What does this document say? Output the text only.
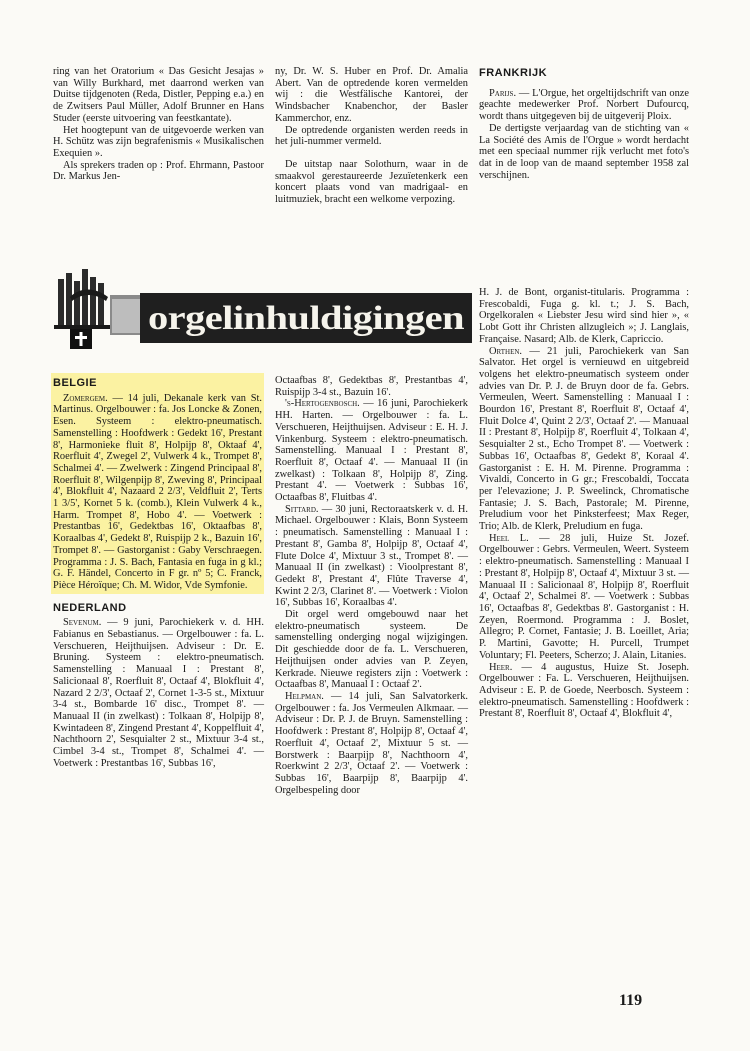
ring van het Oratorium « Das Gesicht Jesajas » van Willy Burkhard, met daarrond werken van Duitse tijdgenoten (Reda, Distler, Pepping e.a.) en de Zwitsers Paul Müller, Adolf Brunner en Hans Studer (eerste uitvoering van feestkantate).

Het hoogtepunt van de uitgevoerde werken van H. Schütz was zijn begrafenismis « Musikalischen Exequien ».

Als sprekers traden op : Prof. Ehrmann, Pastoor Dr. Markus Jen-

ny, Dr. W. S. Huber en Prof. Dr. Amalia Abert. Van de optredende koren vermelden wij : die Westfälische Kantorei, der Windsbacher Knabenchor, der Basler Kammerchor, enz.

De optredende organisten werden reeds in het juli-nummer vermeld.

De uitstap naar Solothurn, waar in de smaakvol gerestaureerde Jezuïetenkerk een koncert plaats vond van madrigaal- en luitmuziek, bracht een welkome verpozing.

FRANKRIJK

Parijs. — L'Orgue, het orgeltijdschrift van onze geachte medewerker Prof. Norbert Dufourcq, wordt thans uitgegeven bij de uitgeverij Ploix.

De dertigste verjaardag van de stichting van « La Société des Amis de l'Orgue » wordt herdacht met een speciaal nummer rijk verlucht met foto's dat in de loop van de maand september 1958 zal verschijnen.

orgelinhuldigingen
BELGIE

Zomergem. — 14 juli, Dekanale kerk van St. Martinus. Orgelbouwer : fa. Jos Loncke & Zonen, Esen. Systeem : elektro-pneumatisch. Samenstelling : Hoofdwerk : Gedekt 16', Prestant 8', Harmonieke fluit 8', Holpijp 8', Oktaaf 4', Roerfluit 4', Zwegel 2', Vulwerk 4 k., Trompet 8', Schalmei 4'. — Zwelwerk : Zingend Principaal 8', Roerfluit 8', Wilgenpijp 8', Zweving 8', Principaal 4', Blokfluit 4', Nazaard 2 2/3', Veldfluit 2', Terts 1 3/5', Kornet 5 k. (comb.), Klein Vulwerk 4 k., Harm. Trompet 8', Hobo 4'. — Voetwerk : Prestantbas 16', Gedektbas 16', Oktaafbas 8', Koraalbas 4', Gedekt 8', Ruispijp 2 k., Bazuin 16', Trompet 8'. — Gastorganist : Gaby Verschraegen. Programma : J. S. Bach, Fantasia en fuga in g kl.; G. F. Händel, Concerto in F gr. nº 5; C. Franck, Pièce Héroïque; Ch. M. Widor, Vde Symfonie.

NEDERLAND

Sevenum. — 9 juni, Parochiekerk v. d. HH. Fabianus en Sebastianus. — Orgelbouwer : fa. L. Verschueren, Heijthuijsen. Adviseur : Dr. E. Bruning. Systeem : elektro-pneumatisch. Samenstelling : Manuaal I : Prestant 8', Salicionaal 8', Roerfluit 8', Octaaf 4', Blokfluit 4', Nazard 2 2/3', Octaaf 2', Cornet 1-3-5 st., Mixtuur 3-4 st., Bombarde 16' disc., Trompet 8'. — Manuaal II (in zwelkast) : Tolkaan 8', Holpijp 8', Kwintadeen 8', Zingend Prestant 4', Koppelfluit 4', Nachthoorn 2', Sesquialter 2 st., Mixtuur 3-4 st., Cimbel 3-4 st., Trompet 8', Schalmei 4'. — Voetwerk : Prestantbas 16', Subbas 16',

Octaafbas 8', Gedektbas 8', Prestantbas 4', Ruispijp 3-4 st., Bazuin 16'.

's-Hertogenbosch. — 16 juni, Parochiekerk HH. Harten. — Orgelbouwer : fa. L. Verschueren, Heijthuijsen. Adviseur : E. H. J. Vinkenburg. Systeem : elektro-pneumatisch. Samenstelling. Manuaal I : Prestant 8', Roerfluit 8', Octaaf 4'. — Manuaal II (in zwelkast) : Tolkaan 8', Holpijp 8', Zing. Prestant 4'. — Voetwerk : Subbas 16', Octaafbas 8', Fluitbas 4'.

Sittard. — 30 juni, Rectoraatskerk v. d. H. Michael. Orgelbouwer : Klais, Bonn Systeem : pneumatisch. Samenstelling : Manuaal I : Prestant 8', Gamba 8', Holpijp 8', Octaaf 4', Flute Dolce 4', Mixtuur 3 st., Trompet 8'. — Manuaal II (in zwelkast) : Vioolprestant 8', Gedekt 8', Prestant 4', Flûte Traverse 4', Kwint 2 2/3, Clarinet 8'. — Voetwerk : Violon 16', Subbas 16', Koraalbas 4'.

Dit orgel werd omgebouwd naar het elektro-pneumatisch systeem. De samenstelling onderging nogal wijzigingen. Dit geschiedde door de fa. L. Verschueren, Heijthuijsen onder advies van P. Zeyen, Kerkrade. Nieuwe registers zijn : Voetwerk : Octaafbas 8', Manuaal I : Octaaf 2'.

Helpman. — 14 juli, San Salvatorkerk. Orgelbouwer : fa. Jos Vermeulen Alkmaar. — Adviseur : Dr. P. J. de Bruyn. Samenstelling : Hoofdwerk : Prestant 8', Holpijp 8', Octaaf 4', Roerfluit 4', Octaaf 2', Mixtuur 5 st. — Borstwerk : Baarpijp 8', Nachthoorn 4', Roerkwint 2 2/3', Octaaf 2'. — Voetwerk : Subbas 16', Baarpijp 8', Baarpijp 4'. Orgelbespeling door

H. J. de Bont, organist-titularis. Programma : Frescobaldi, Fuga g. kl. t.; J. S. Bach, Orgelkoralen « Liebster Jesu wird sind hier », « Lobt Gott ihr Christen allzugleich »; J. Langlais, Française. Nasard; Alb. de Klerk, Capriccio.

Orthen. — 21 juli, Parochiekerk van San Salvator. Het orgel is vernieuwd en uitgebreid volgens het elektro-pneumatisch systeem onder advies van Dr. P. J. de Bruyn door de fa. Gebrs. Vermeulen, Weert. Samenstelling : Manuaal I : Bourdon 16', Prestant 8', Roerfluit 8', Octaaf 4', Fluit Dolce 4', Quint 2 2/3', Octaaf 2'. — Manuaal II : Prestant 8', Holpijp 8', Roerfluit 4', Tolkaan 4', Sesquialter 2 st., Echo Trompet 8'. — Voetwerk : Subbas 16', Octaafbas 8', Gedekt 8', Koraal 4'. Gastorganist : E. H. M. Pirenne. Programma : Vivaldi, Concerto in G gr.; Frescobaldi, Toccata per l'elevazione; J. P. Sweelinck, Chromatische Fantasie; J. S. Bach, Pastorale; M. Pirenne, Preludium voor het Pinksterfeest; Max Reger, Trio; Alb. de Klerk, Preludium en fuga.

Heel L. — 28 juli, Huize St. Jozef. Orgelbouwer : Gebrs. Vermeulen, Weert. Systeem : elektro-pneumatisch. Samenstelling : Manuaal I : Prestant 8', Holpijp 8', Octaaf 4', Mixtuur 3 st. — Manuaal II : Salicionaal 8', Holpijp 8', Roerfluit 4', Octaaf 2', Schalmei 8'. — Voetwerk : Subbas 16', Octaafbas 8', Gedektbas 8'. Gastorganist : H. Zeyen, Roermond. Programma : J. Boslet, Allegro; P. Cornet, Fantasie; J. B. Loeillet, Aria; P. Martini, Gavotte; H. Purcell, Trumpet Voluntary; Fl. Peeters, Scherzo; J. Alain, Litanies.

Heer. — 4 augustus, Huize St. Joseph. Orgelbouwer : Fa. L. Verschueren, Heijthuijsen. Adviseur : E. P. de Goede, Neerbosch. Systeem : elektro-pneumatisch. Samenstelling : Hoofdwerk : Prestant 8', Roerfluit 8', Octaaf 4', Blokfluit 4',

119
